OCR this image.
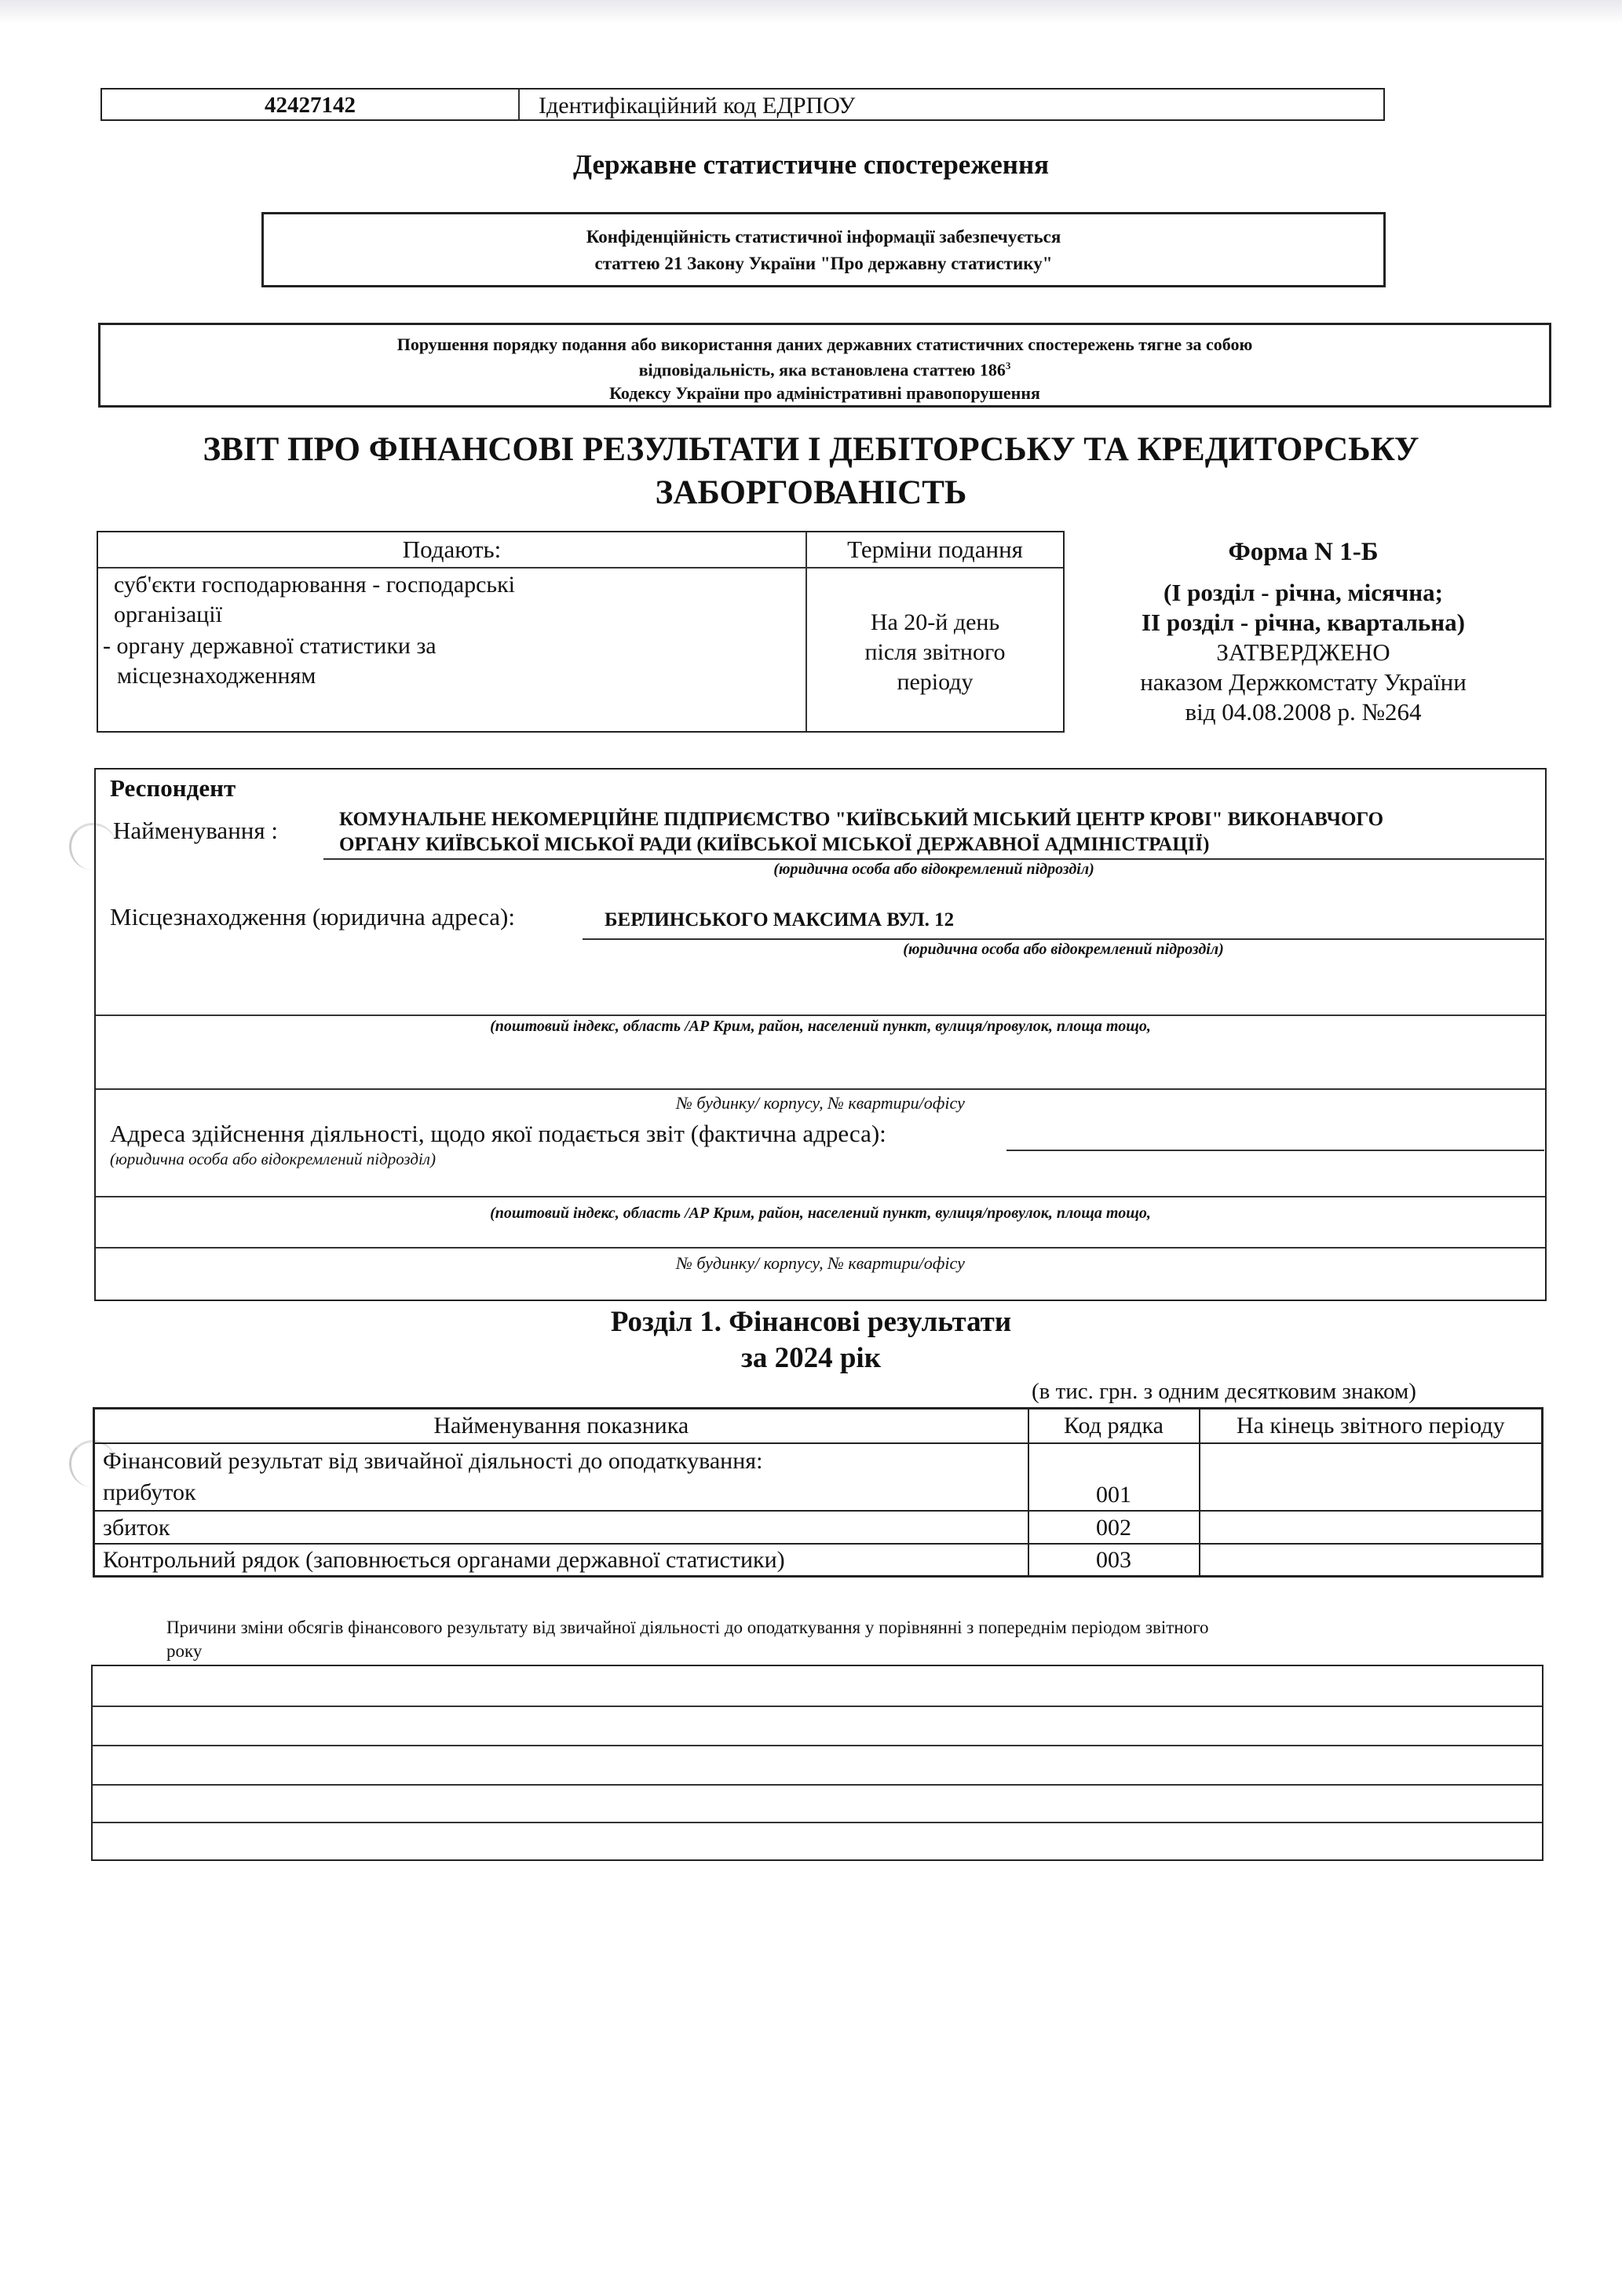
42427142	Ідентифікаційний код ЕДРПОУ
Державне статистичне спостереження
Конфіденційність статистичної інформації забезпечується
статтею 21 Закону України "Про державну статистику"
Порушення порядку подання або використання даних державних статистичних спостережень тягне за собою
відповідальність, яка встановлена статтею $186^3$
Кодексу України про адміністративні правопорушення
ЗВІТ ПРО ФІНАНСОВІ РЕЗУЛЬТАТИ І ДЕБІТОРСЬКУ ТА КРЕДИТОРСЬКУ
ЗАБОРГОВАНІСТЬ
Подають:	Терміни подання
суб'єкти господарювання - господарські
організації
- органу державної статистики за
місцезнаходженням
На 20-й день
після звітного
періоду
Форма N 1-Б
(І розділ - річна, місячна;
ІІ розділ - річна, квартальна)
ЗАТВЕРДЖЕНО
наказом Держкомстату України
від 04.08.2008 р. №264
Респондент
Найменування :	КОМУНАЛЬНЕ НЕКОМЕРЦІЙНЕ ПІДПРИЄМСТВО "КИЇВСЬКИЙ МІСЬКИЙ ЦЕНТР КРОВІ" ВИКОНАВЧОГО
ОРГАНУ КИЇВСЬКОЇ МІСЬКОЇ РАДИ (КИЇВСЬКОЇ МІСЬКОЇ ДЕРЖАВНОЇ АДМІНІСТРАЦІЇ)
(юридична особа або відокремлений підрозділ)
Місцезнаходження (юридична адреса):	БЕРЛИНСЬКОГО МАКСИМА ВУЛ. 12
(юридична особа або відокремлений підрозділ)
(поштовий індекс, область /АР Крим, район, населений пункт, вулиця/провулок, площа тощо,
№ будинку/ корпусу, № квартири/офісу
Адреса здійснення діяльності, щодо якої подається звіт (фактична адреса):
(юридична особа або відокремлений підрозділ)
(поштовий індекс, область /АР Крим, район, населений пункт, вулиця/провулок, площа тощо,
№ будинку/ корпусу, № квартири/офісу
Розділ 1. Фінансові результати
за 2024 рік
(в тис. грн. з одним десятковим знаком)
Найменування показника	Код рядка	На кінець звітного періоду

Фінансовий результат від звичайної діяльності до оподаткування:
прибуток	001	
збиток	002	
Контрольний рядок (заповнюється органами державної статистики)	003	
Причини зміни обсягів фінансового результату від звичайної діяльності до оподаткування у порівнянні з попереднім періодом звітного
року
